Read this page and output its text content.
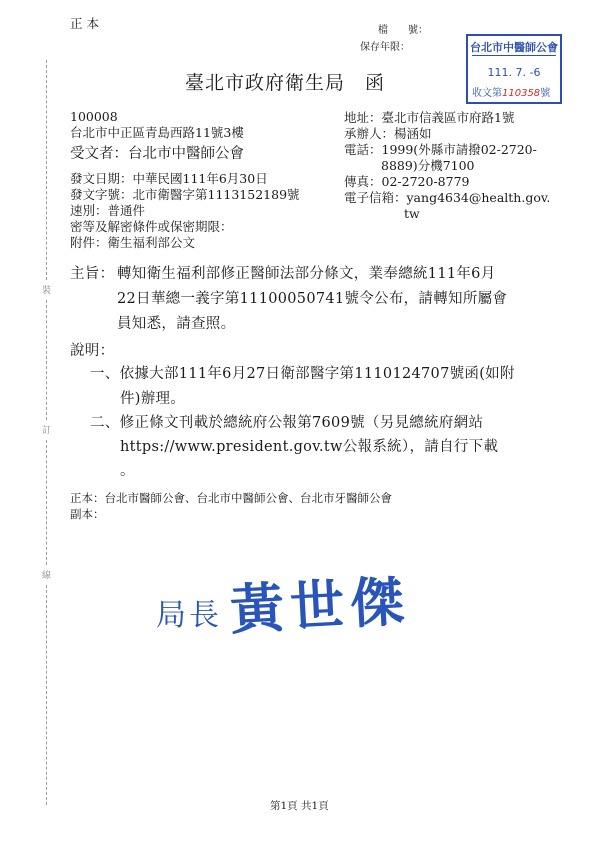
正 本	檔　　號：
保存年限：	台北市中醫師公會
111. 7. -6
收文第110358號
臺北市政府衛生局　函
100008
台北市中正區青島西路11號3樓
受文者：台北市中醫師公會
地址：臺北市信義區市府路1號
承辦人：楊涵如
電話：1999(外縣市請撥02-2720-
8889)分機7100
傳真：02-2720-8779
電子信箱：yang4634@health.gov.
tw
發文日期：中華民國111年6月30日
發文字號：北市衛醫字第1113152189號
速別：普通件
密等及解密條件或保密期限：
附件：衛生福利部公文
主旨： 轉知衛生福利部修正醫師法部分條文，業奉總統111年6月
22日華總一義字第11100050741號令公布，請轉知所屬會
員知悉，請查照。
說明：
一、依據大部111年6月27日衛部醫字第1110124707號函(如附
件)辦理。
二、修正條文刊載於總統府公報第7609號（另見總統府網站
https://www.president.gov.tw公報系統），請自行下載
。
正本：台北市醫師公會、台北市中醫師公會、台北市牙醫師公會
副本：
裝
訂
線
局長 黃世傑
第1頁 共1頁
